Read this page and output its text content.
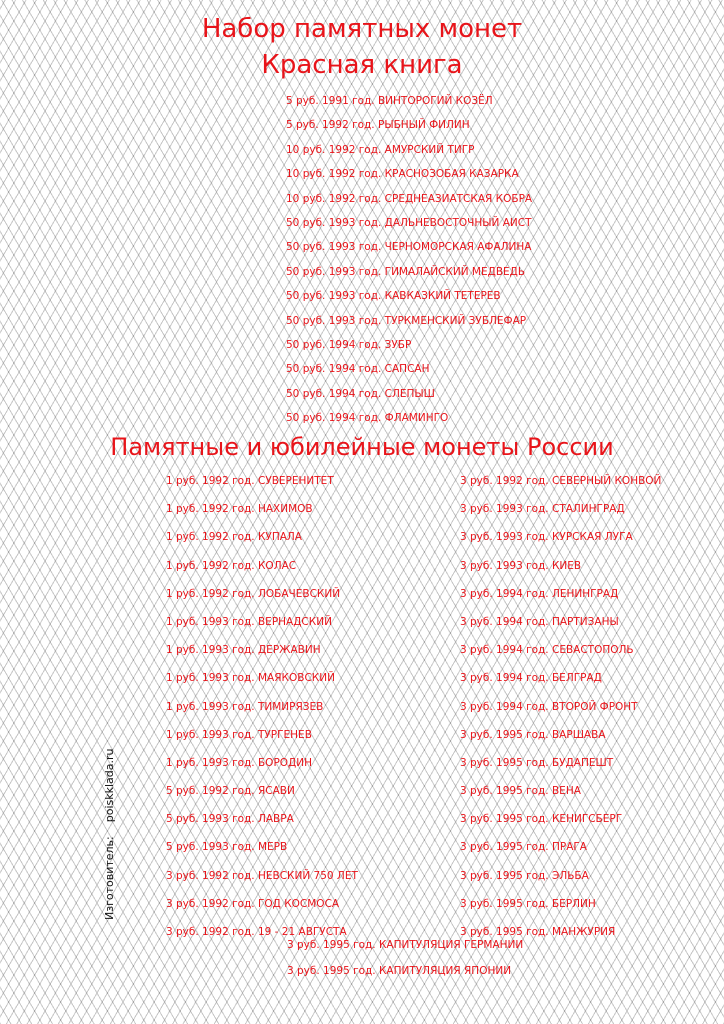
Набор памятных монет
Красная книга
5 руб. 1991 год. ВИНТОРОГИЙ КОЗЁЛ
5 руб. 1992 год. РЫБНЫЙ ФИЛИН
10 руб. 1992 год. АМУРСКИЙ ТИГР
10 руб. 1992 год. КРАСНОЗОБАЯ КАЗАРКА
10 руб. 1992 год. СРЕДНЕАЗИАТСКАЯ КОБРА
50 руб. 1993 год. ДАЛЬНЕВОСТОЧНЫЙ АИСТ
50 руб. 1993 год. ЧЕРНОМОРСКАЯ АФАЛИНА
50 руб. 1993 год. ГИМАЛАЙСКИЙ МЕДВЕДЬ
50 руб. 1993 год. КАВКАЗКИЙ ТЕТЕРЕВ
50 руб. 1993 год. ТУРКМЕНСКИЙ ЗУБЛЕФАР
50 руб. 1994 год. ЗУБР
50 руб. 1994 год. САПСАН
50 руб. 1994 год. СЛЕПЫШ
50 руб. 1994 год. ФЛАМИНГО
Памятные и юбилейные монеты России
1 руб. 1992 год. СУВЕРЕНИТЕТ
1 руб. 1992 год. НАХИМОВ
1 руб. 1992 год. КУПАЛА
1 руб. 1992 год. КОЛАС
1 руб. 1992 год. ЛОБАЧЕВСКИЙ
1 руб. 1993 год. ВЕРНАДСКИЙ
1 руб. 1993 год. ДЕРЖАВИН
1 руб. 1993 год. МАЯКОВСКИЙ
1 руб. 1993 год. ТИМИРЯЗЕВ
1 руб. 1993 год. ТУРГЕНЕВ
1 руб. 1993 год. БОРОДИН
5 руб. 1992 год. ЯСАВИ
5 руб. 1993 год. ЛАВРА
5 руб. 1993 год. МЕРВ
3 руб. 1992 год. НЕВСКИЙ 750 ЛЕТ
3 руб. 1992 год. ГОД КОСМОСА
3 руб. 1992 год. 19 - 21 АВГУСТА
3 руб. 1992 год. СЕВЕРНЫЙ КОНВОЙ
3 руб. 1993 год. СТАЛИНГРАД
3 руб. 1993 год. КУРСКАЯ ЛУГА
3 руб. 1993 год. КИЕВ
3 руб. 1994 год. ЛЕНИНГРАД
3 руб. 1994 год. ПАРТИЗАНЫ
3 руб. 1994 год. СЕВАСТОПОЛЬ
3 руб. 1994 год. БЕЛГРАД
3 руб. 1994 год. ВТОРОЙ ФРОНТ
3 руб. 1995 год. ВАРШАВА
3 руб. 1995 год. БУДАПЕШТ
3 руб. 1995 год. ВЕНА
3 руб. 1995 год. КЕНИГСБЕРГ
3 руб. 1995 год. ПРАГА
3 руб. 1995 год. ЭЛЬБА
3 руб. 1995 год. БЕРЛИН
3 руб. 1995 год. МАНЖУРИЯ
3 руб. 1995 год. КАПИТУЛЯЦИЯ ГЕРМАНИИ
3 руб. 1995 год. КАПИТУЛЯЦИЯ ЯПОНИИ
Изготовитель:poiskklada.ru
